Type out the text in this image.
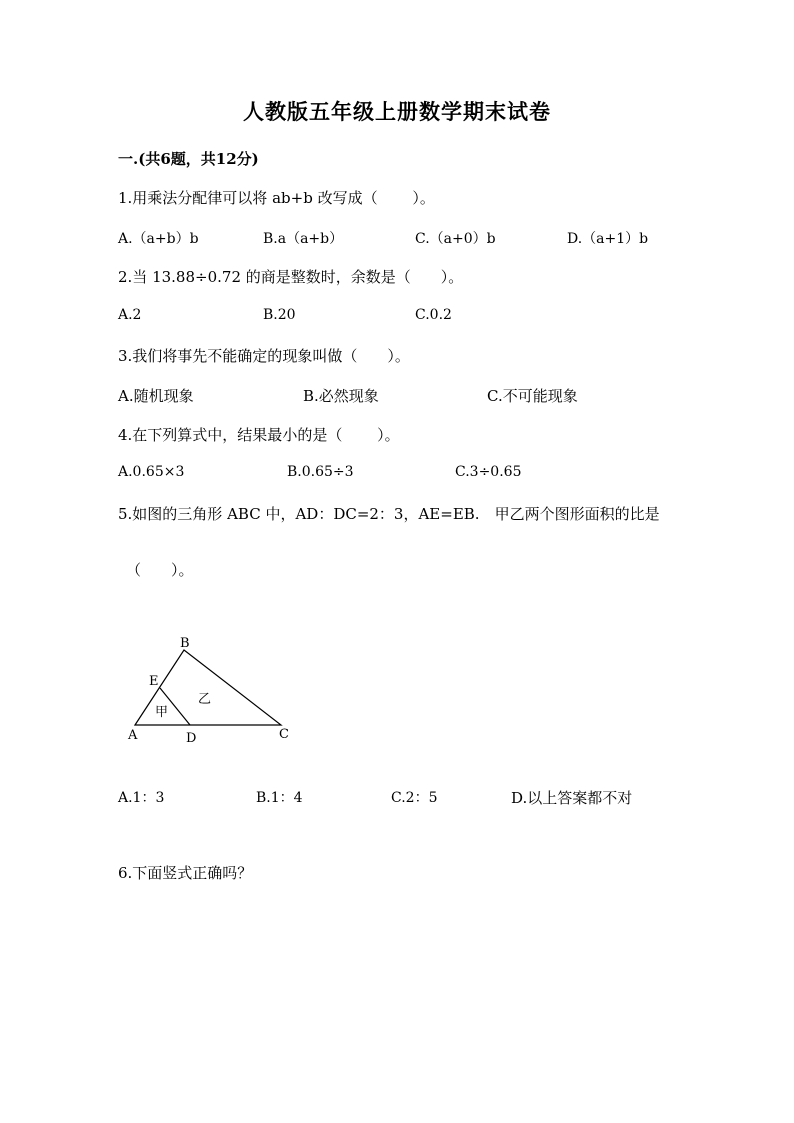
人教版五年级上册数学期末试卷
一.(共6题，共12分)
1.用乘法分配律可以将 ab+b 改写成（　　 ）。
A.（a+b）b	B.a（a+b）	C.（a+0）b	D.（a+1）b
2.当 13.88÷0.72 的商是整数时，余数是（　　）。
A.2	B.20	C.0.2
3.我们将事先不能确定的现象叫做（　　）。
A.随机现象	B.必然现象	C.不可能现象
4.在下列算式中，结果最小的是（　　 ）。
A.0.65×3	B.0.65÷3	C.3÷0.65
5.如图的三角形 ABC 中，AD：DC=2：3，AE=EB.　甲乙两个图形面积的比是
（　　）。
B
E
A	D	C
甲
乙
A.1：3	B.1：4	C.2：5	D.以上答案都不对
6.下面竖式正确吗？
